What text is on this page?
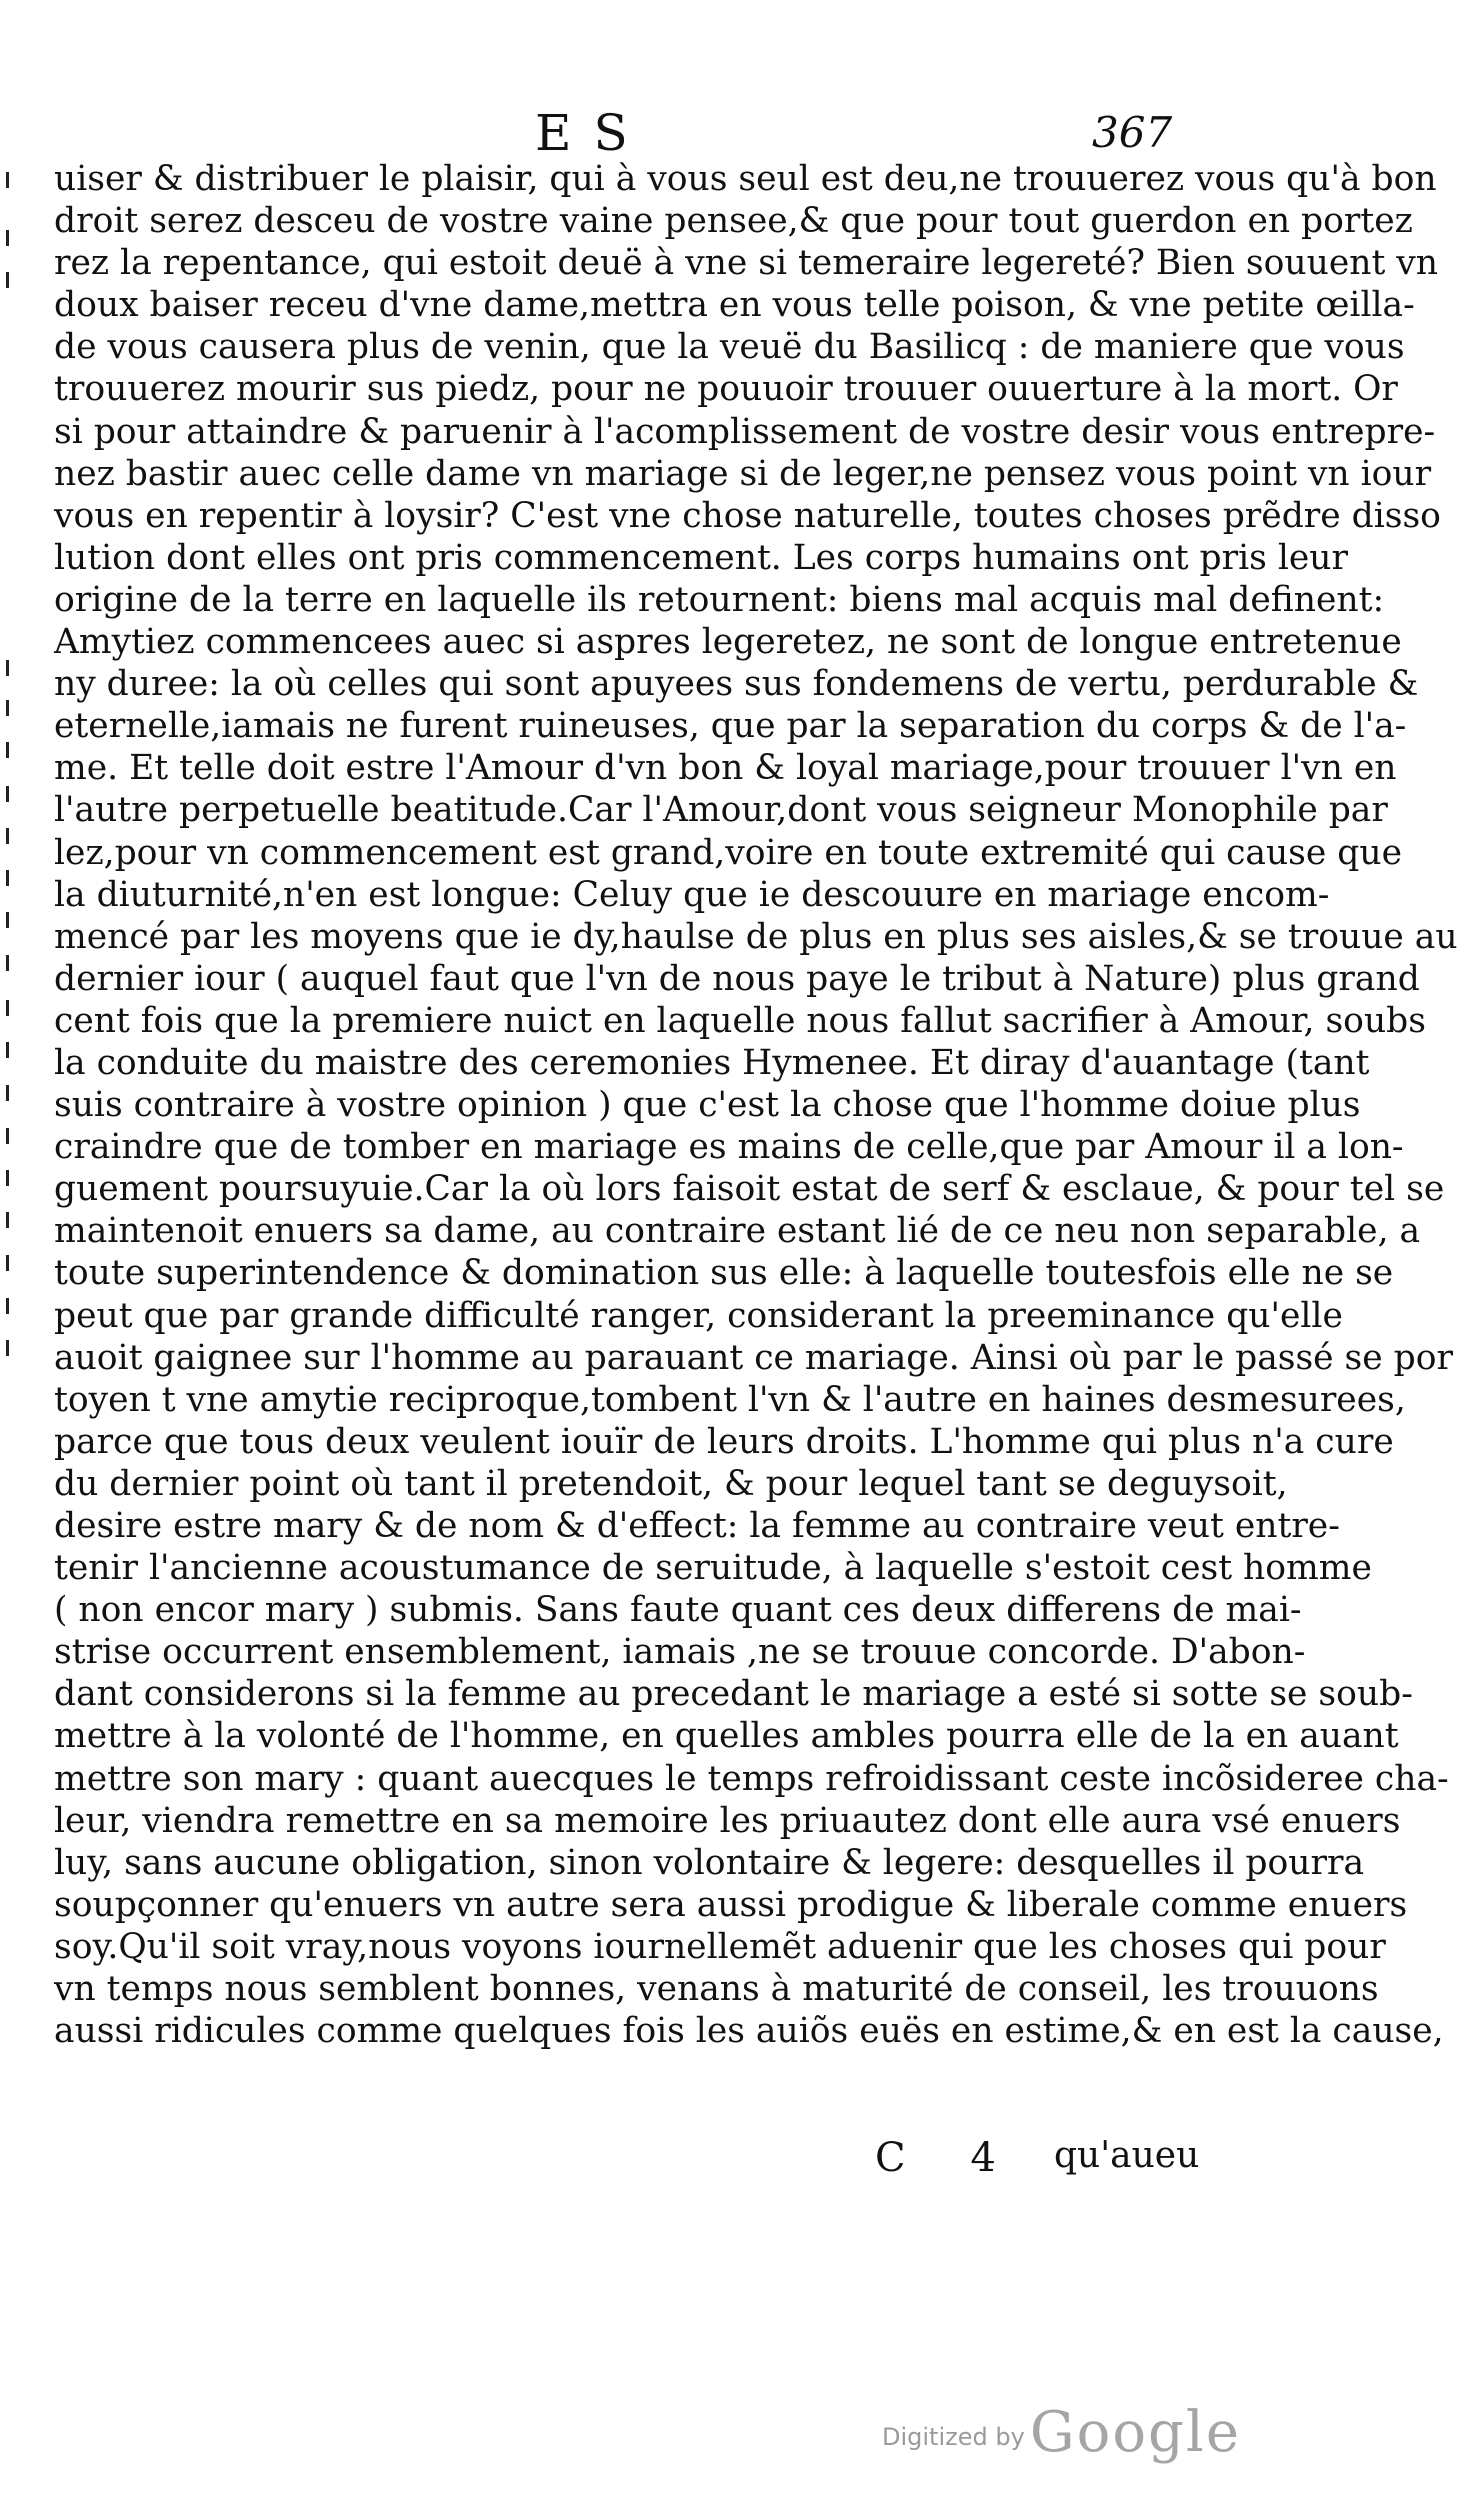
ES	367
uiser & distribuer le plaisir, qui à vous seul est deu,ne trouuerez vous qu'à bon
droit serez desceu de vostre vaine pensee,& que pour tout guerdon en portez
rez la repentance, qui estoit deuë à vne si temeraire legereté? Bien souuent vn
doux baiser receu d'vne dame,mettra en vous telle poison, & vne petite œilla-
de vous causera plus de venin, que la veuë du Basilicq : de maniere que vous
trouuerez mourir sus piedz, pour ne pouuoir trouuer ouuerture à la mort. Or
si pour attaindre & paruenir à l'acomplissement de vostre desir vous entrepre-
nez bastir auec celle dame vn mariage si de leger,ne pensez vous point vn iour
vous en repentir à loysir? C'est vne chose naturelle, toutes choses prẽdre disso
lution dont elles ont pris commencement. Les corps humains ont pris leur
origine de la terre en laquelle ils retournent: biens mal acquis mal definent:
Amytiez commencees auec si aspres legeretez, ne sont de longue entretenue
ny duree: la où celles qui sont apuyees sus fondemens de vertu, perdurable &
eternelle,iamais ne furent ruineuses, que par la separation du corps & de l'a-
me. Et telle doit estre l'Amour d'vn bon & loyal mariage,pour trouuer l'vn en
l'autre perpetuelle beatitude.Car l'Amour,dont vous seigneur Monophile par
lez,pour vn commencement est grand,voire en toute extremité qui cause que
la diuturnité,n'en est longue: Celuy que ie descouure en mariage encom-
mencé par les moyens que ie dy,haulse de plus en plus ses aisles,& se trouue au
dernier iour ( auquel faut que l'vn de nous paye le tribut à Nature) plus grand
cent fois que la premiere nuict en laquelle nous fallut sacrifier à Amour, soubs
la conduite du maistre des ceremonies Hymenee. Et diray d'auantage (tant
suis contraire à vostre opinion ) que c'est la chose que l'homme doiue plus
craindre que de tomber en mariage es mains de celle,que par Amour il a lon-
guement poursuyuie.Car la où lors faisoit estat de serf & esclaue, & pour tel se
maintenoit enuers sa dame, au contraire estant lié de ce neu non separable, a
toute superintendence & domination sus elle: à laquelle toutesfois elle ne se
peut que par grande difficulté ranger, considerant la preeminance qu'elle
auoit gaignee sur l'homme au parauant ce mariage. Ainsi où par le passé se por
toyen t vne amytie reciproque,tombent l'vn & l'autre en haines desmesurees,
parce que tous deux veulent iouïr de leurs droits. L'homme qui plus n'a cure
du dernier point où tant il pretendoit, & pour lequel tant se deguysoit,
desire estre mary & de nom & d'effect: la femme au contraire veut entre-
tenir l'ancienne acoustumance de seruitude, à laquelle s'estoit cest homme
( non encor mary ) submis. Sans faute quant ces deux differens de mai-
strise occurrent ensemblement, iamais ,ne se trouue concorde. D'abon-
dant considerons si la femme au precedant le mariage a esté si sotte se soub-
mettre à la volonté de l'homme, en quelles ambles pourra elle de la en auant
mettre son mary : quant auecques le temps refroidissant ceste incõsideree cha-
leur, viendra remettre en sa memoire les priuautez dont elle aura vsé enuers
luy, sans aucune obligation, sinon volontaire & legere: desquelles il pourra
soupçonner qu'enuers vn autre sera aussi prodigue & liberale comme enuers
soy.Qu'il soit vray,nous voyons iournellemẽt aduenir que les choses qui pour
vn temps nous semblent bonnes, venans à maturité de conseil, les trouuons
aussi ridicules comme quelques fois les auiõs euës en estime,& en est la cause,
C 4 qu'aueu
Digitized by Google
